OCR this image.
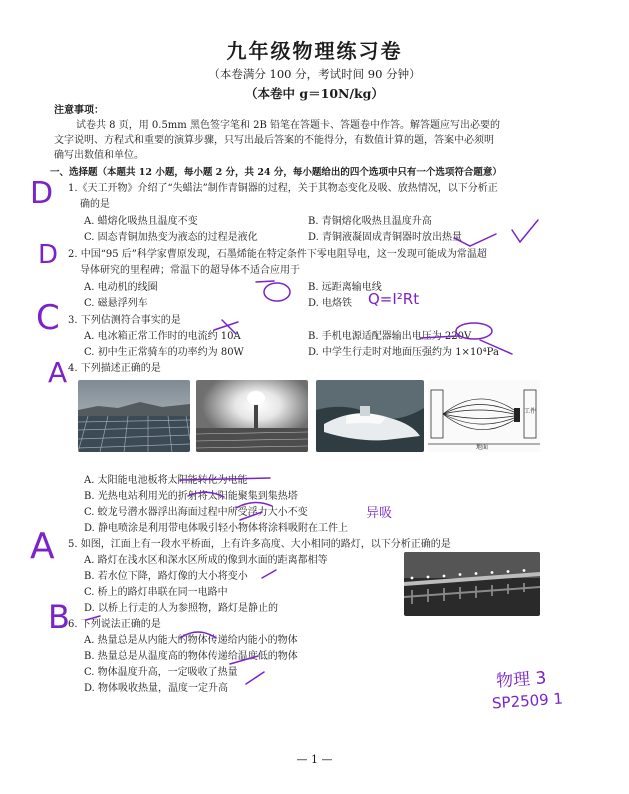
九年级物理练习卷
（本卷满分 100 分，考试时间 90 分钟）
（本卷中 g＝10N/kg）
注意事项：
试卷共 8 页，用 0.5mm 黑色签字笔和 2B 铅笔在答题卡、答题卷中作答。解答题应写出必要的
文字说明、方程式和重要的演算步骤，只写出最后答案的不能得分，有数值计算的题，答案中必须明
确写出数值和单位。
一、选择题（本题共 12 小题，每小题 2 分，共 24 分，每小题给出的四个选项中只有一个选项符合题意）
1.《天工开物》介绍了“失蜡法”制作青铜器的过程，关于其物态变化及吸、放热情况，以下分析正
确的是
A. 蜡熔化吸热且温度不变	B. 青铜熔化吸热且温度升高
C. 固态青铜加热变为液态的过程是液化	D. 青铜液凝固成青铜器时放出热量
2. 中国“95 后”科学家曹原发现，石墨烯能在特定条件下零电阻导电，这一发现可能成为常温超
导体研究的里程碑；常温下的超导体不适合应用于
A. 电动机的线圈	B. 远距离输电线
C. 磁悬浮列车	D. 电烙铁
3. 下列估测符合事实的是
A. 电冰箱正常工作时的电流约 10A	B. 手机电源适配器输出电压为 220V
C. 初中生正常骑车的功率约为 80W	D. 中学生行走时对地面压强约为 1×10⁴Pa
4. 下列描述正确的是
工件
地面
A. 太阳能电池板将太阳能转化为电能
B. 光热电站利用光的折射将太阳能聚集到集热塔
C. 蛟龙号潜水器浮出海面过程中所受浮力大小不变
D. 静电喷涂是利用带电体吸引轻小物体将涂料吸附在工件上
5. 如图，江面上有一段水平桥面，上有许多高度、大小相同的路灯，以下分析正确的是
A. 路灯在浅水区和深水区所成的像到水面的距离都相等
B. 若水位下降，路灯像的大小将变小
C. 桥上的路灯串联在同一电路中
D. 以桥上行走的人为参照物，路灯是静止的
6. 下列说法正确的是
A. 热量总是从内能大的物体传递给内能小的物体
B. 热量总是从温度高的物体传递给温度低的物体
C. 物体温度升高，一定吸收了热量
D. 物体吸收热量，温度一定升高
D
D
C
A
A
B
Q=I²Rt
异吸
物理 3
SP2509 1
— 1 —
